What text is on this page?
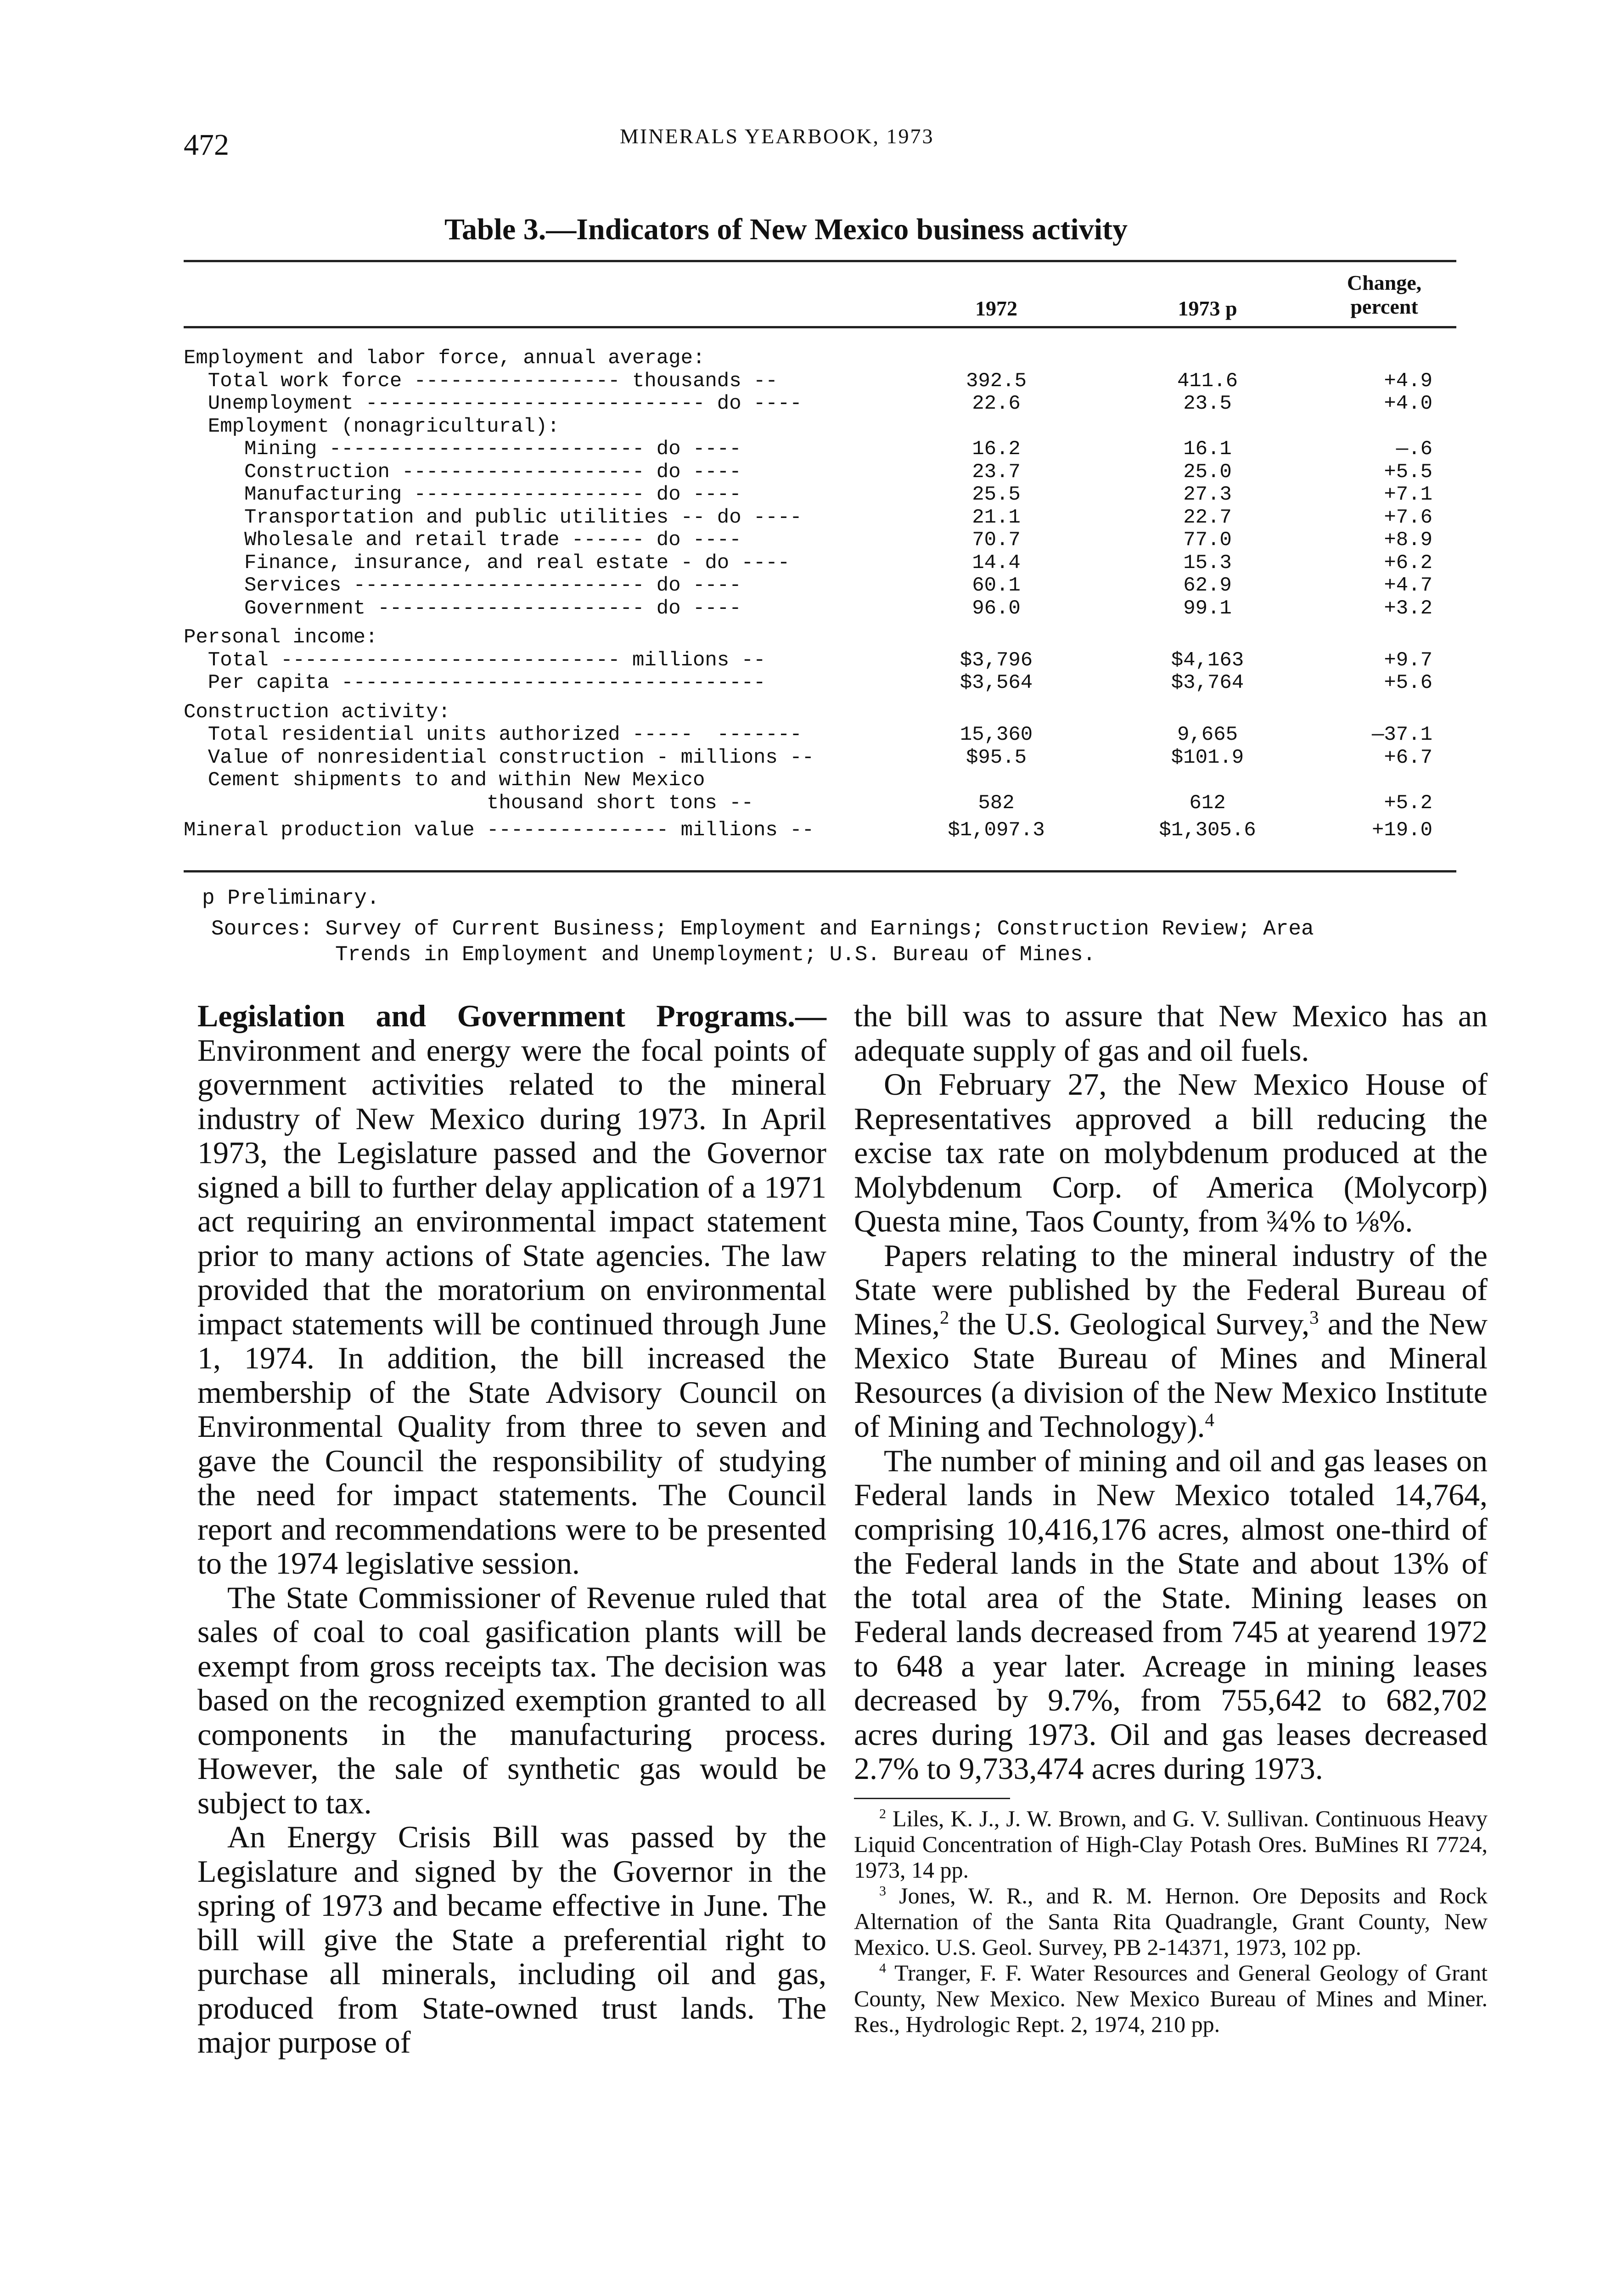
472	MINERALS YEARBOOK, 1973
Table 3.—Indicators of New Mexico business activity
1972	1973 p
Change,
percent
Employment and labor force, annual average:
Total work force ----------------- thousands --	392.5	411.6	+4.9
Unemployment ---------------------------- do ----	22.6	23.5	+4.0
Employment (nonagricultural):
Mining -------------------------- do ----	16.2	16.1	—.6
Construction -------------------- do ----	23.7	25.0	+5.5
Manufacturing ------------------- do ----	25.5	27.3	+7.1
Transportation and public utilities -- do ----	21.1	22.7	+7.6
Wholesale and retail trade ------ do ----	70.7	77.0	+8.9
Finance, insurance, and real estate - do ----	14.4	15.3	+6.2
Services ------------------------ do ----	60.1	62.9	+4.7
Government ---------------------- do ----	96.0	99.1	+3.2
Personal income:
Total ---------------------------- millions --	$3,796	$4,163	+9.7
Per capita -----------------------------------	$3,564	$3,764	+5.6
Construction activity:
Total residential units authorized -----  -------	15,360	9,665	—37.1
Value of nonresidential construction - millions --	$95.5	$101.9	+6.7
Cement shipments to and within New Mexico
thousand short tons --	582	612	+5.2
Mineral production value --------------- millions --	$1,097.3	$1,305.6	+19.0
p Preliminary.
Sources: Survey of Current Business; Employment and Earnings; Construction Review; Area
Trends in Employment and Unemployment; U.S. Bureau of Mines.

Legislation and Government Programs.— Environment and energy were the focal points of government activities related to the mineral industry of New Mexico during 1973. In April 1973, the Legislature passed and the Governor signed a bill to further delay application of a 1971 act requiring an environmental impact statement prior to many actions of State agencies. The law provided that the moratorium on environmental impact statements will be continued through June 1, 1974. In addition, the bill increased the membership of the State Advisory Council on Environmental Quality from three to seven and gave the Council the responsibility of studying the need for impact statements. The Council report and recommendations were to be presented to the 1974 legislative session.

The State Commissioner of Revenue ruled that sales of coal to coal gasification plants will be exempt from gross receipts tax. The decision was based on the recognized exemption granted to all components in the manufacturing process. However, the sale of synthetic gas would be subject to tax.

An Energy Crisis Bill was passed by the Legislature and signed by the Governor in the spring of 1973 and became effective in June. The bill will give the State a preferential right to purchase all minerals, including oil and gas, produced from State-owned trust lands. The major purpose of

the bill was to assure that New Mexico has an adequate supply of gas and oil fuels.

On February 27, the New Mexico House of Representatives approved a bill reducing the excise tax rate on molybdenum produced at the Molybdenum Corp. of America (Molycorp) Questa mine, Taos County, from ¾% to ⅛%.

Papers relating to the mineral industry of the State were published by the Federal Bureau of Mines,$^2$ the U.S. Geological Survey,$^3$ and the New Mexico State Bureau of Mines and Mineral Resources (a division of the New Mexico Institute of Mining and Technology).$^4$

The number of mining and oil and gas leases on Federal lands in New Mexico totaled 14,764, comprising 10,416,176 acres, almost one-third of the Federal lands in the State and about 13% of the total area of the State. Mining leases on Federal lands decreased from 745 at yearend 1972 to 648 a year later. Acreage in mining leases decreased by 9.7%, from 755,642 to 682,702 acres during 1973. Oil and gas leases decreased 2.7% to 9,733,474 acres during 1973.

$^2$ Liles, K. J., J. W. Brown, and G. V. Sullivan. Continuous Heavy Liquid Concentration of High-Clay Potash Ores. BuMines RI 7724, 1973, 14 pp.

$^3$ Jones, W. R., and R. M. Hernon. Ore Deposits and Rock Alternation of the Santa Rita Quadrangle, Grant County, New Mexico. U.S. Geol. Survey, PB 2-14371, 1973, 102 pp.

$^4$ Tranger, F. F. Water Resources and General Geology of Grant County, New Mexico. New Mexico Bureau of Mines and Miner. Res., Hydrologic Rept. 2, 1974, 210 pp.
